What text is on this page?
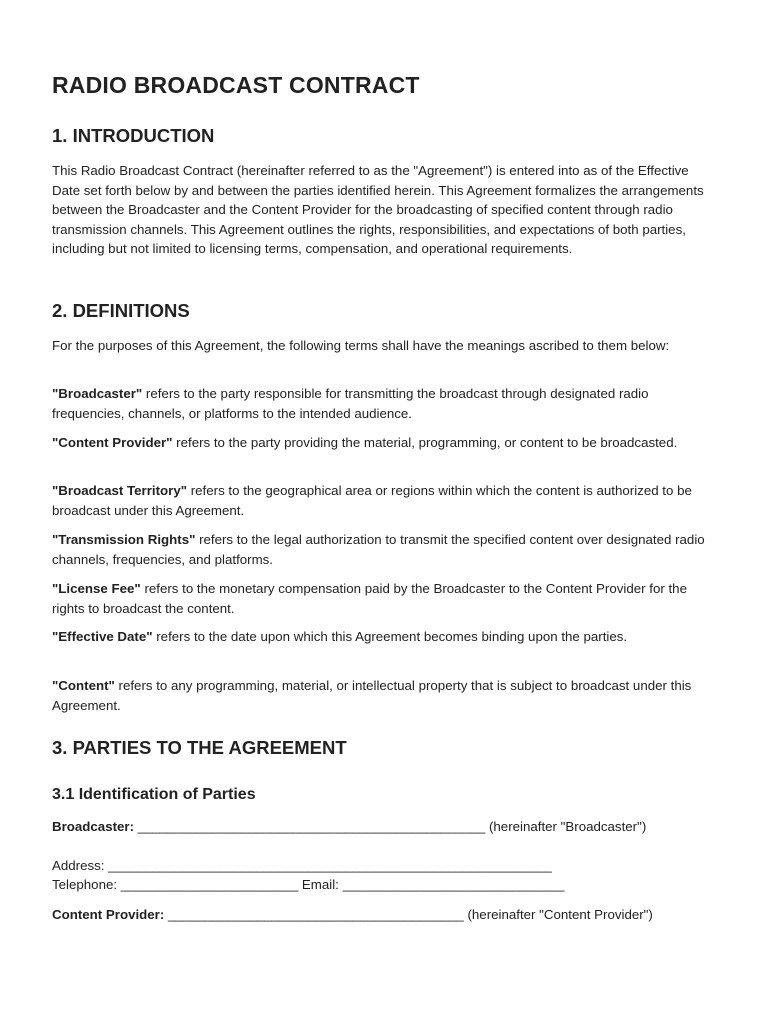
RADIO BROADCAST CONTRACT
1. INTRODUCTION

This Radio Broadcast Contract (hereinafter referred to as the "Agreement") is entered into as of the Effective Date set forth below by and between the parties identified herein. This Agreement formalizes the arrangements between the Broadcaster and the Content Provider for the broadcasting of specified content through radio transmission channels. This Agreement outlines the rights, responsibilities, and expectations of both parties, including but not limited to licensing terms, compensation, and operational requirements.

2. DEFINITIONS

For the purposes of this Agreement, the following terms shall have the meanings ascribed to them below:

"Broadcaster" refers to the party responsible for transmitting the broadcast through designated radio frequencies, channels, or platforms to the intended audience.

"Content Provider" refers to the party providing the material, programming, or content to be broadcasted.

"Broadcast Territory" refers to the geographical area or regions within which the content is authorized to be broadcast under this Agreement.

"Transmission Rights" refers to the legal authorization to transmit the specified content over designated radio channels, frequencies, and platforms.

"License Fee" refers to the monetary compensation paid by the Broadcaster to the Content Provider for the rights to broadcast the content.

"Effective Date" refers to the date upon which this Agreement becomes binding upon the parties.

"Content" refers to any programming, material, or intellectual property that is subject to broadcast under this Agreement.

3. PARTIES TO THE AGREEMENT
3.1 Identification of Parties

Broadcaster: _______________________________________________ (hereinafter "Broadcaster")

Address: ____________________________________________________________

Telephone: ________________________ Email: ______________________________

Content Provider: ________________________________________ (hereinafter "Content Provider")
